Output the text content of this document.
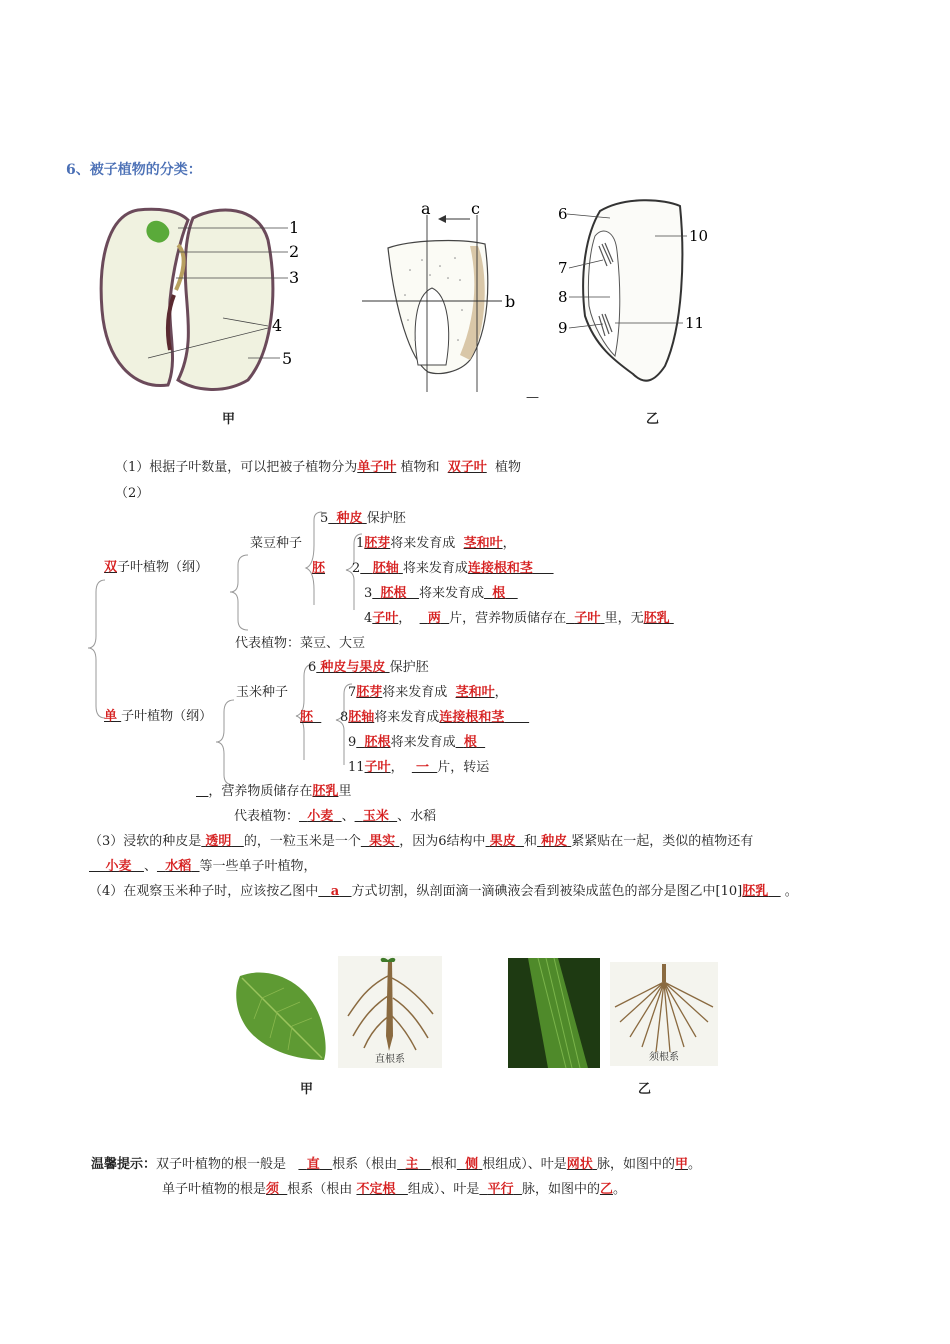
6、被子植物的分类：
1
2
3
4
5
a	c
b
—
6
10
7
8
9	11
甲	乙
（1）根据子叶数量，可以把被子植物分为单子叶 植物和 双子叶 植物
（2）
双子叶植物（纲）
菜豆种子
5 种皮 保护胚
胚
1胚芽将来发育成 茎和叶，
2 胚轴 将来发育成连接根和茎
3 胚根 将来发育成 根
4子叶， 两 片，营养物质储存在 子叶 里，无胚乳
代表植物：菜豆、大豆
6 种皮与果皮 保护胚
玉米种子	7胚芽将来发育成 茎和叶，
单 子叶植物（纲）	胚	8胚轴将来发育成连接根和茎
9 胚根将来发育成 根
11子叶， 一 片，转运
，营养物质储存在胚乳里
代表植物： 小麦 、 玉米 、水稻
（3）浸软的种皮是 透明 的，一粒玉米是一个 果实 ，因为6结构中 果皮 和 种皮 紧紧贴在一起，类似的植物还有
小麦 、 水稻 等一些单子叶植物，
（4）在观察玉米种子时，应该按乙图中 a 方式切割，纵剖面滴一滴碘液会看到被染成蓝色的部分是图乙中[10]胚乳 。
直根系	须根系
甲	乙
温馨提示：双子叶植物的根一般是 直 根系（根由 主 根和 侧 根组成）、叶是网状 脉，如图中的甲。
单子叶植物的根是须 根系（根由 不定根 组成）、叶是 平行 脉，如图中的乙。
